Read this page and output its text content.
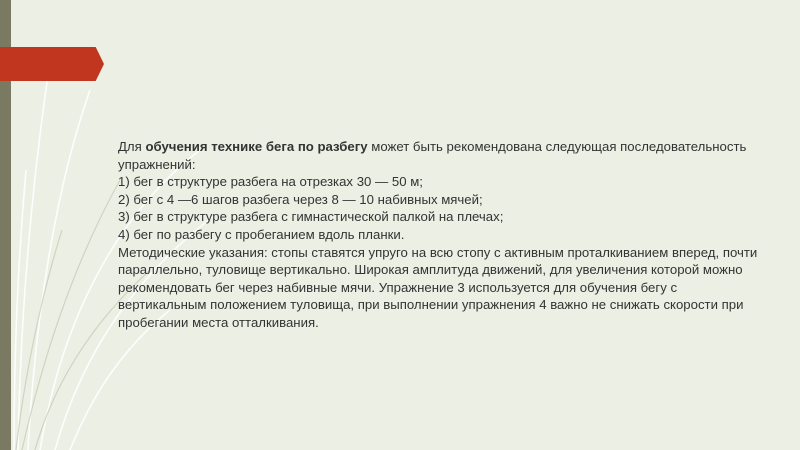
Для обучения технике бега по разбегу может быть рекомендована следующая последовательность упражнений:

1) бег в структуре разбега на отрезках 30 — 50 м;

2) бег с 4 —6 шагов разбега через 8 — 10 набивных мячей;

3) бег в структуре разбега с гимнастической палкой на плечах;

4) бег по разбегу с пробеганием вдоль планки.

Методические указания: стопы ставятся упруго на всю стопу с активным проталкиванием вперед, почти параллельно, туловище вертикально. Широкая амплитуда движений, для увеличения которой можно рекомендовать бег через набивные мячи. Упражнение 3 используется для обучения бегу с вертикальным положением туловища, при выполнении упражнения 4 важно не снижать скорости при пробегании места отталкивания.
